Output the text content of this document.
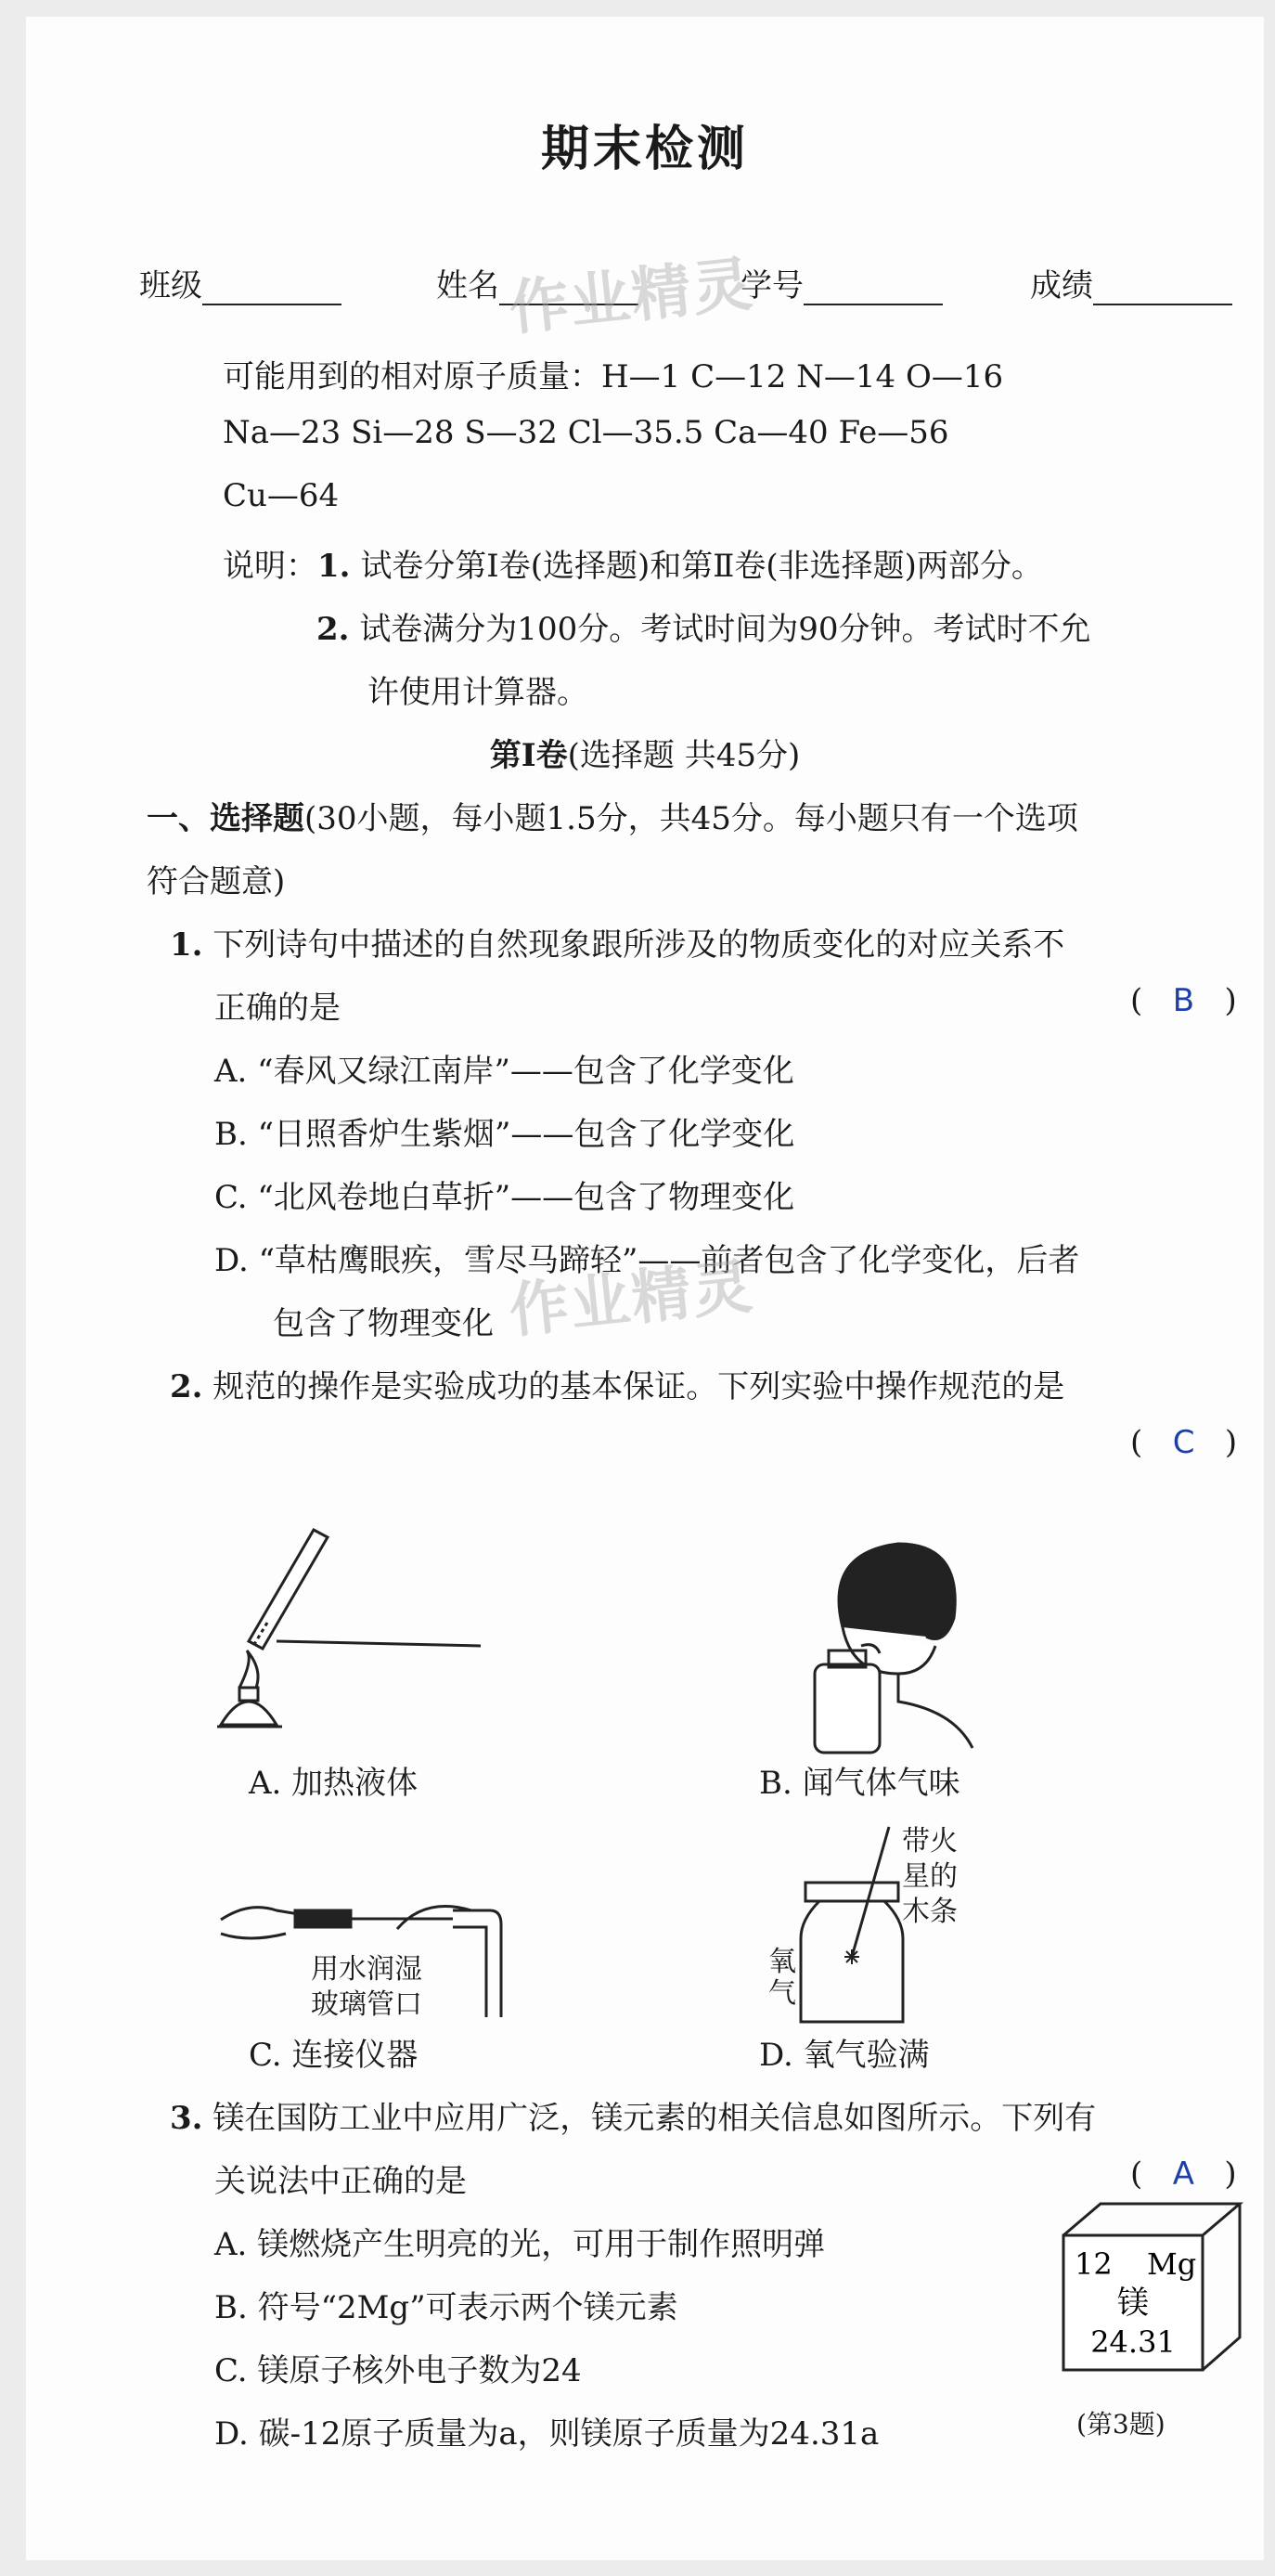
期末检测
班级	姓名	学号	成绩
作业精灵
可能用到的相对原子质量：H—1 C—12 N—14 O—16
Na—23 Si—28 S—32 Cl—35.5 Ca—40 Fe—56
Cu—64
说明：1. 试卷分第Ⅰ卷(选择题)和第Ⅱ卷(非选择题)两部分。
2. 试卷满分为100分。考试时间为90分钟。考试时不允
许使用计算器。
第Ⅰ卷(选择题 共45分)
一、选择题(30小题，每小题1.5分，共45分。每小题只有一个选项
符合题意)
1. 下列诗句中描述的自然现象跟所涉及的物质变化的对应关系不
正确的是	(   B   )
A. “春风又绿江南岸”——包含了化学变化
B. “日照香炉生紫烟”——包含了化学变化
C. “北风卷地白草折”——包含了物理变化
D. “草枯鹰眼疾，雪尽马蹄轻”——前者包含了化学变化，后者
包含了物理变化 作业精灵
2. 规范的操作是实验成功的基本保证。下列实验中操作规范的是
(   C   )
A. 加热液体	B. 闻气体气味
用水润湿
玻璃管口
C. 连接仪器
带火
星的
木条
氧
气
D. 氧气验满
3. 镁在国防工业中应用广泛，镁元素的相关信息如图所示。下列有
关说法中正确的是	(   A   )
A. 镁燃烧产生明亮的光，可用于制作照明弹
B. 符号“2Mg”可表示两个镁元素
C. 镁原子核外电子数为24
D. 碳-12原子质量为a，则镁原子质量为24.31a
12 Mg
镁
24.31
(第3题)
